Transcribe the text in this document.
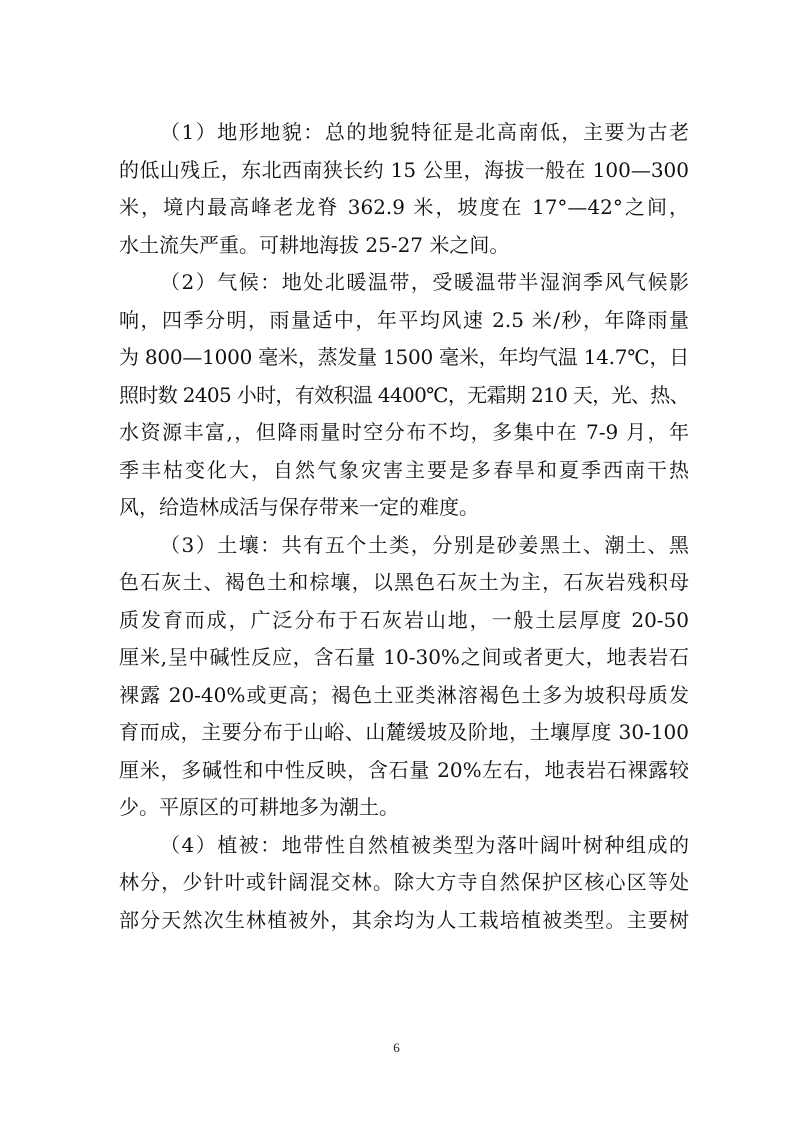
（1）地形地貌：总的地貌特征是北高南低，主要为古老
的低山残丘，东北西南狭长约 15 公里，海拔一般在 100—300
米，境内最高峰老龙脊 362.9 米，坡度在 17°—42°之间，
水土流失严重。可耕地海拔 25-27 米之间。
（2）气候：地处北暖温带，受暖温带半湿润季风气候影
响，四季分明，雨量适中，年平均风速 2.5 米/秒，年降雨量
为 800—1000 毫米，蒸发量 1500 毫米，年均气温 14.7℃，日
照时数 2405 小时，有效积温 4400℃，无霜期 210 天，光、热、
水资源丰富,，但降雨量时空分布不均，多集中在 7-9 月，年
季丰枯变化大，自然气象灾害主要是多春旱和夏季西南干热
风，给造林成活与保存带来一定的难度。
（3）土壤：共有五个土类，分别是砂姜黑土、潮土、黑
色石灰土、褐色土和棕壤，以黑色石灰土为主，石灰岩残积母
质发育而成，广泛分布于石灰岩山地，一般土层厚度 20-50
厘米,呈中碱性反应，含石量 10-30%之间或者更大，地表岩石
裸露 20-40%或更高；褐色土亚类淋溶褐色土多为坡积母质发
育而成，主要分布于山峪、山麓缓坡及阶地，土壤厚度 30-100
厘米，多碱性和中性反映，含石量 20%左右，地表岩石裸露较
少。平原区的可耕地多为潮土。
（4）植被：地带性自然植被类型为落叶阔叶树种组成的
林分，少针叶或针阔混交林。除大方寺自然保护区核心区等处
部分天然次生林植被外，其余均为人工栽培植被类型。主要树
6
